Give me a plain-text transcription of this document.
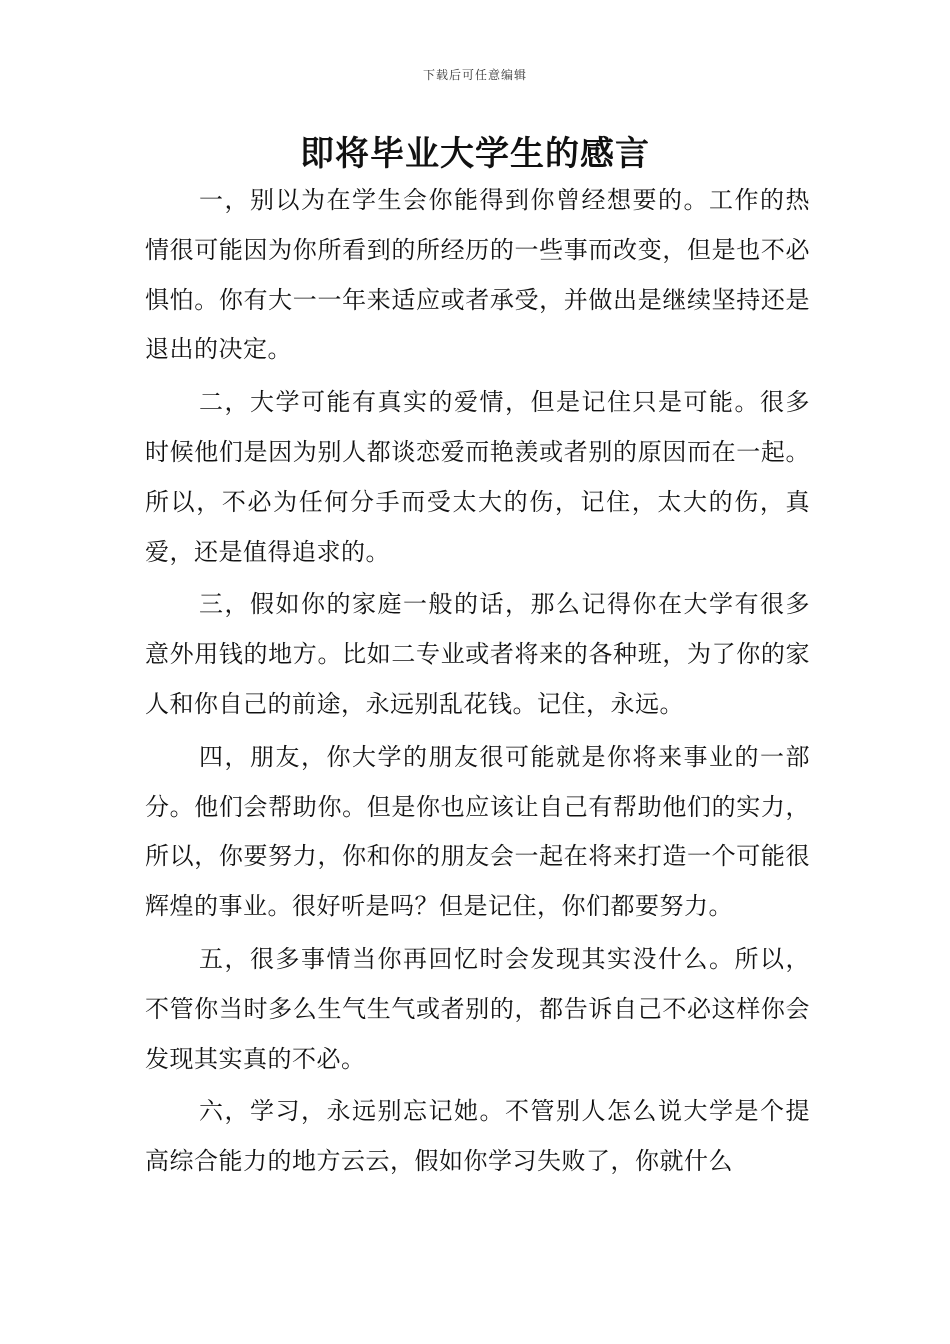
下载后可任意编辑
即将毕业大学生的感言

一，别以为在学生会你能得到你曾经想要的。工作的热情很可能因为你所看到的所经历的一些事而改变，但是也不必惧怕。你有大一一年来适应或者承受，并做出是继续坚持还是退出的决定。

二，大学可能有真实的爱情，但是记住只是可能。很多时候他们是因为别人都谈恋爱而艳羡或者别的原因而在一起。所以，不必为任何分手而受太大的伤，记住，太大的伤，真爱，还是值得追求的。

三，假如你的家庭一般的话，那么记得你在大学有很多意外用钱的地方。比如二专业或者将来的各种班，为了你的家人和你自己的前途，永远别乱花钱。记住，永远。

四，朋友，你大学的朋友很可能就是你将来事业的一部分。他们会帮助你。但是你也应该让自己有帮助他们的实力，所以，你要努力，你和你的朋友会一起在将来打造一个可能很辉煌的事业。很好听是吗？但是记住，你们都要努力。

五，很多事情当你再回忆时会发现其实没什么。所以，不管你当时多么生气生气或者别的，都告诉自己不必这样你会发现其实真的不必。

六，学习，永远别忘记她。不管别人怎么说大学是个提高综合能力的地方云云，假如你学习失败了，你就什么
